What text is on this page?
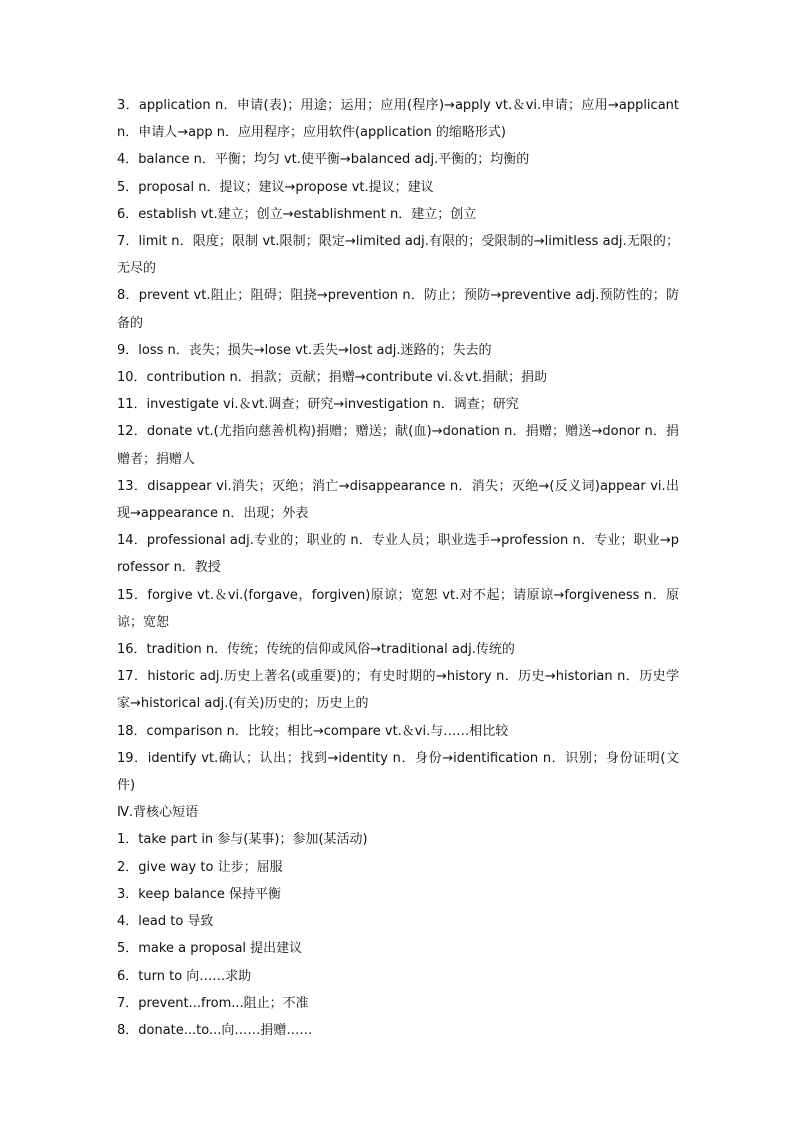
3．application n．申请(表)；用途；运用；应用(程序)→apply vt.＆vi.申请；应用→applicant n．申请人→app n．应用程序；应用软件(application 的缩略形式)

4．balance n．平衡；均匀 vt.使平衡→balanced adj.平衡的；均衡的

5．proposal n．提议；建议→propose vt.提议；建议

6．establish vt.建立；创立→establishment n．建立；创立

7．limit n．限度；限制 vt.限制；限定→limited adj.有限的；受限制的→limitless adj.无限的；无尽的

8．prevent vt.阻止；阻碍；阻挠→prevention n．防止；预防→preventive adj.预防性的；防备的

9．loss n．丧失；损失→lose vt.丢失→lost adj.迷路的；失去的

10．contribution n．捐款；贡献；捐赠→contribute vi.＆vt.捐献；捐助

11．investigate vi.＆vt.调查；研究→investigation n．调查；研究

12．donate vt.(尤指向慈善机构)捐赠；赠送；献(血)→donation n．捐赠；赠送→donor n．捐赠者；捐赠人

13．disappear vi.消失；灭绝；消亡→disappearance n．消失；灭绝→(反义词)appear vi.出现→appearance n．出现；外表

14．professional adj.专业的；职业的 n．专业人员；职业选手→profession n．专业；职业→professor n．教授

15．forgive vt.＆vi.(forgave，forgiven)原谅；宽恕 vt.对不起；请原谅→forgiveness n．原谅；宽恕

16．tradition n．传统；传统的信仰或风俗→traditional adj.传统的

17．historic adj.历史上著名(或重要)的；有史时期的→history n．历史→historian n．历史学家→historical adj.(有关)历史的；历史上的

18．comparison n．比较；相比→compare vt.＆vi.与……相比较

19．identify vt.确认；认出；找到→identity n．身份→identification n．识别；身份证明(文件)

Ⅳ.背核心短语

1．take part in 参与(某事)；参加(某活动)

2．give way to 让步；屈服

3．keep balance 保持平衡

4．lead to 导致

5．make a proposal 提出建议

6．turn to 向……求助

7．prevent...from...阻止；不准

8．donate...to...向……捐赠……
